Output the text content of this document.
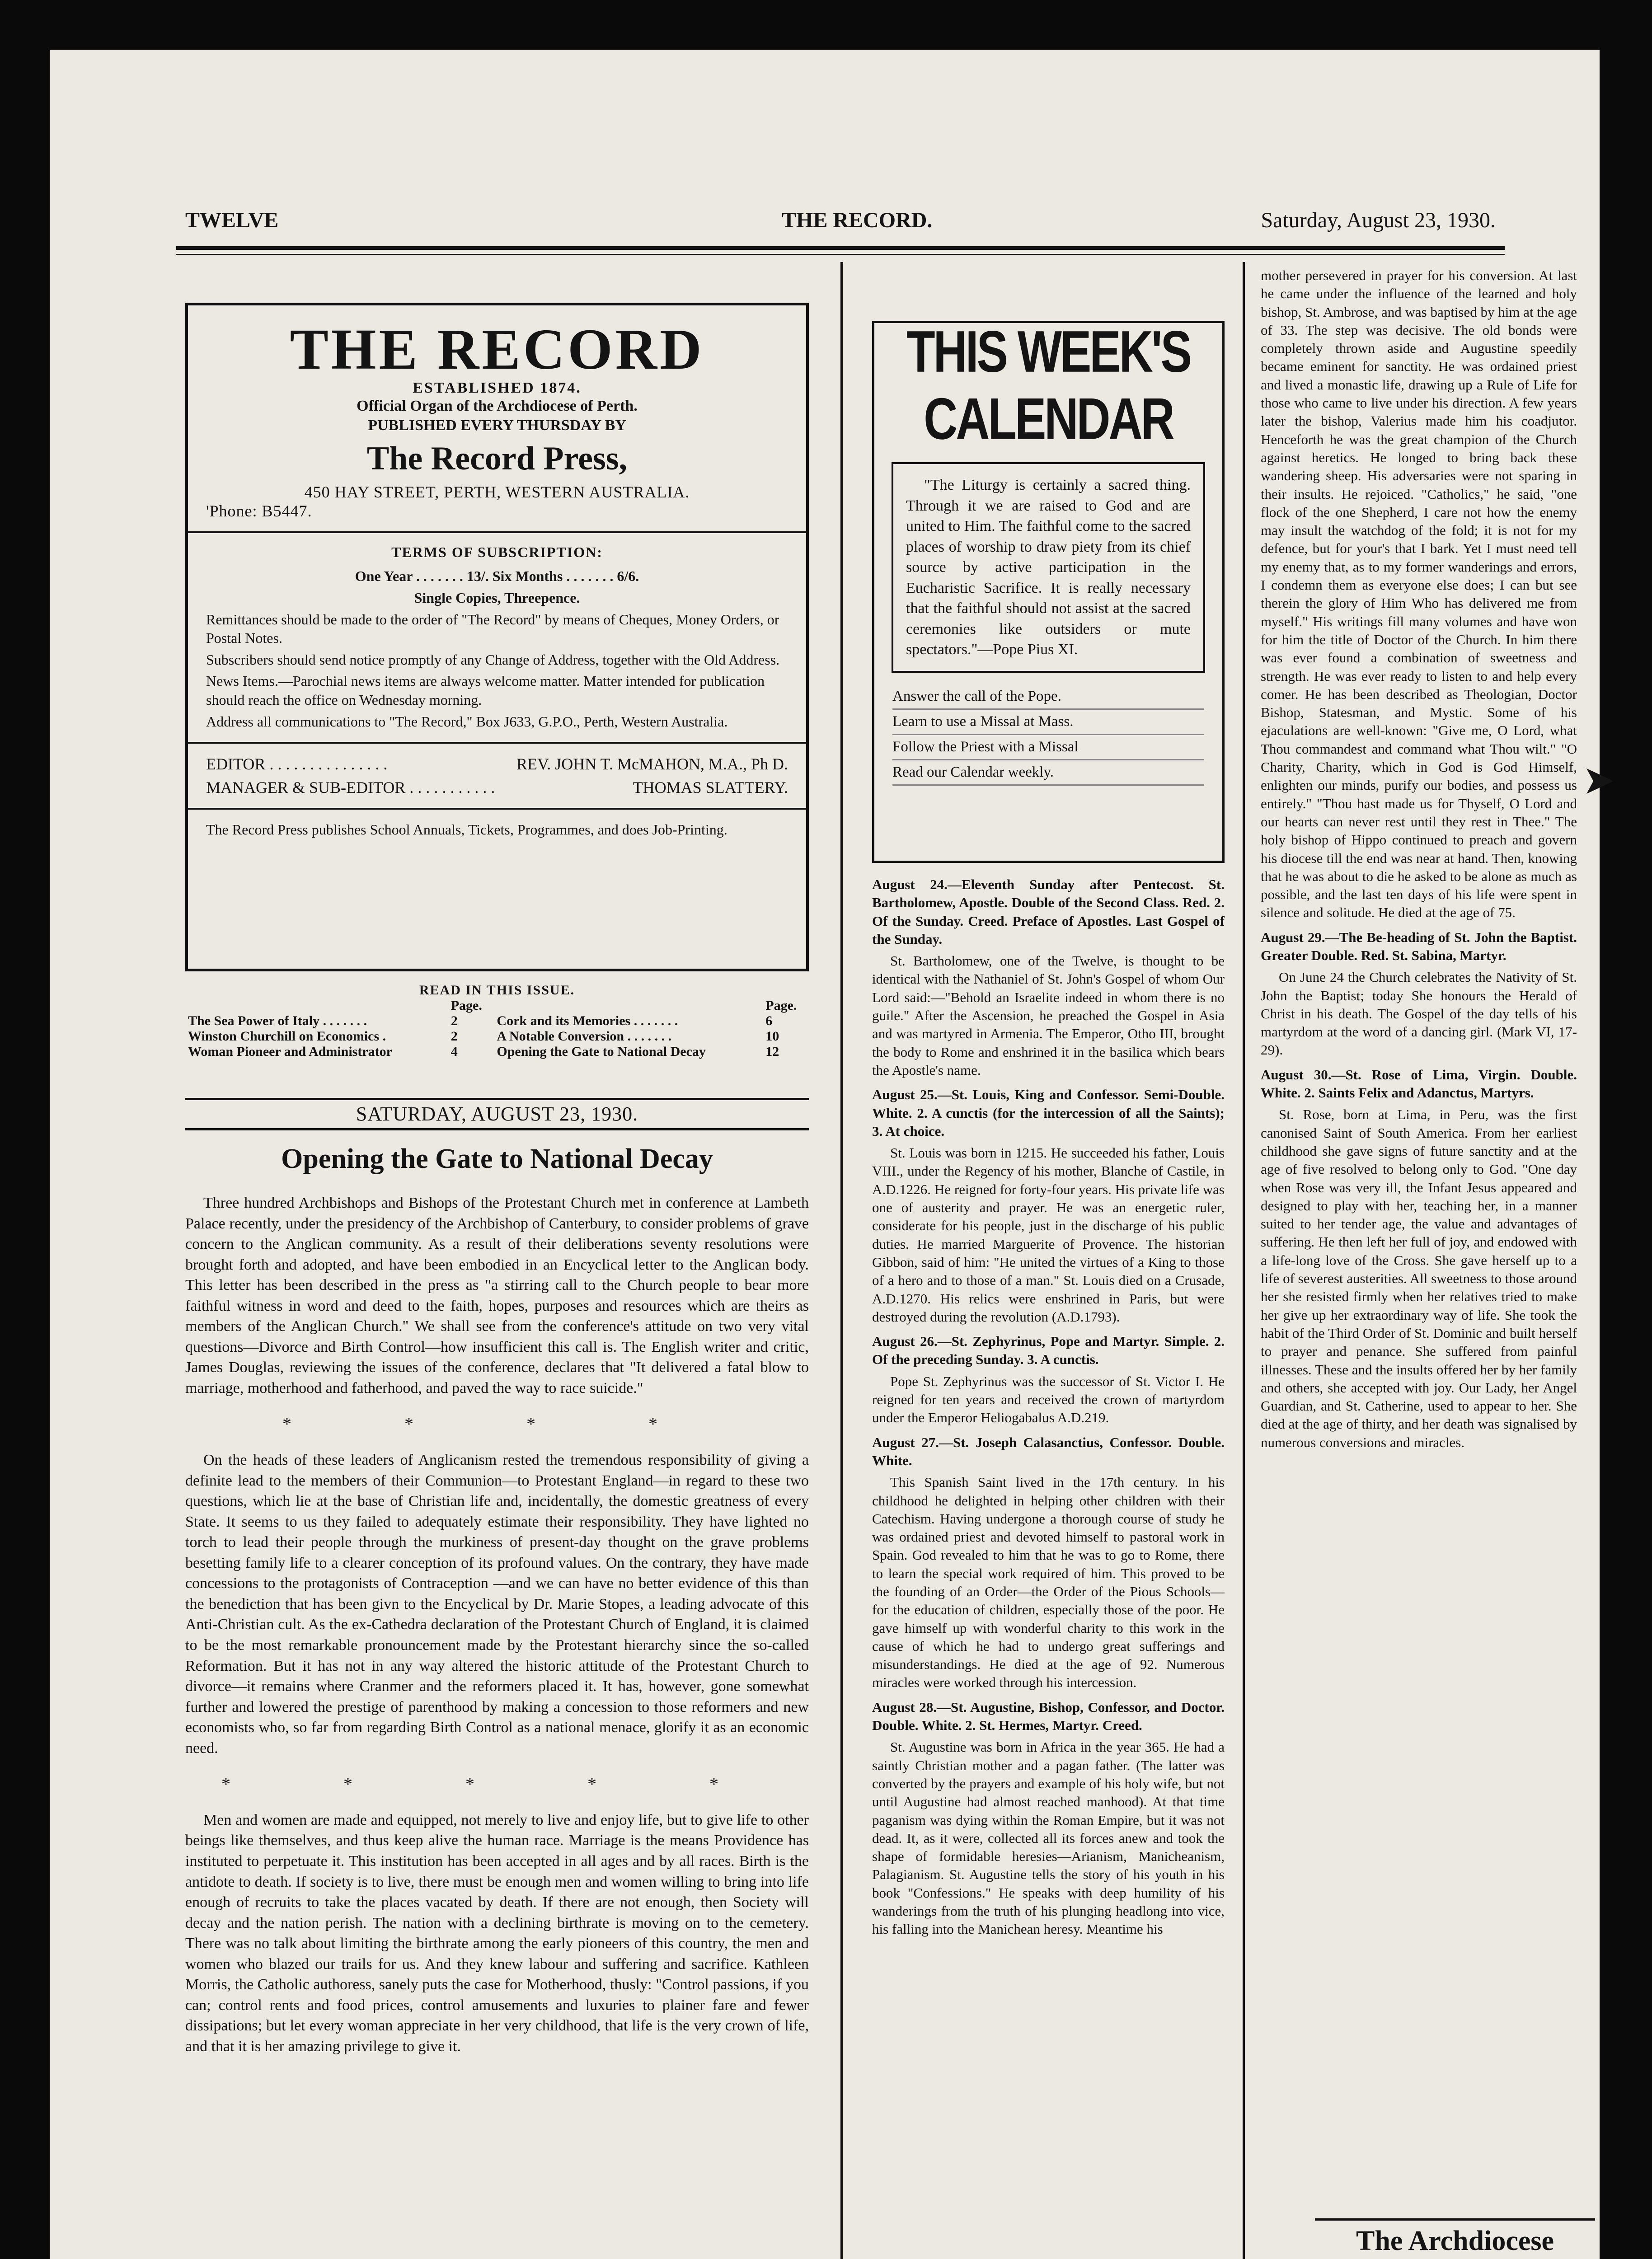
TWELVE	THE RECORD.	Saturday, August 23, 1930.
THE RECORD
ESTABLISHED 1874.
Official Organ of the Archdiocese of Perth.
PUBLISHED EVERY THURSDAY BY
The Record Press,
450 HAY STREET, PERTH, WESTERN AUSTRALIA.
'Phone: B5447.
TERMS OF SUBSCRIPTION:
One Year . . . . . . . 13/. Six Months . . . . . . . 6/6.
Single Copies, Threepence.
Remittances should be made to the order of "The Record" by means of Cheques, Money Orders, or Postal Notes.
Subscribers should send notice promptly of any Change of Address, together with the Old Address.
News Items.—Parochial news items are always welcome matter. Matter intended for publication should reach the office on Wednesday morning.
Address all communications to "The Record," Box J633, G.P.O., Perth, Western Australia.
EDITOR . . . . . . . . . . . . . . .	REV. JOHN T. McMAHON, M.A., Ph D.
MANAGER & SUB-EDITOR . . . . . . . . . . .	THOMAS SLATTERY.
The Record Press publishes School Annuals, Tickets, Programmes, and does Job-Printing.
READ IN THIS ISSUE.
	Page.		Page.
The Sea Power of Italy . . . . . . .	2	Cork and its Memories . . . . . . .	6
Winston Churchill on Economics .	2	A Notable Conversion . . . . . . .	10
Woman Pioneer and Administrator	4	Opening the Gate to National Decay	12
SATURDAY, AUGUST 23, 1930.
Opening the Gate to National Decay

Three hundred Archbishops and Bishops of the Protestant Church met in conference at Lambeth Palace recently, under the presidency of the Archbishop of Canterbury, to consider problems of grave concern to the Anglican community. As a result of their deliberations seventy resolutions were brought forth and adopted, and have been embodied in an Encyclical letter to the Anglican body. This letter has been described in the press as "a stirring call to the Church people to bear more faithful witness in word and deed to the faith, hopes, purposes and resources which are theirs as members of the Anglican Church." We shall see from the conference's attitude on two very vital questions—Divorce and Birth Control—how insufficient this call is. The English writer and critic, James Douglas, reviewing the issues of the conference, declares that "It delivered a fatal blow to marriage, motherhood and fatherhood, and paved the way to race suicide."

* * * *

On the heads of these leaders of Anglicanism rested the tremendous responsibility of giving a definite lead to the members of their Communion—to Protestant England—in regard to these two questions, which lie at the base of Christian life and, incidentally, the domestic greatness of every State. It seems to us they failed to adequately estimate their responsibility. They have lighted no torch to lead their people through the murkiness of present-day thought on the grave problems besetting family life to a clearer conception of its profound values. On the contrary, they have made concessions to the protagonists of Contraception —and we can have no better evidence of this than the benediction that has been givn to the Encyclical by Dr. Marie Stopes, a leading advocate of this Anti-Christian cult. As the ex-Cathedra declaration of the Protestant Church of England, it is claimed to be the most remarkable pronouncement made by the Protestant hierarchy since the so-called Reformation. But it has not in any way altered the historic attitude of the Protestant Church to divorce—it remains where Cranmer and the reformers placed it. It has, however, gone somewhat further and lowered the prestige of parenthood by making a concession to those reformers and new economists who, so far from regarding Birth Control as a national menace, glorify it as an economic need.

* * * * *

Men and women are made and equipped, not merely to live and enjoy life, but to give life to other beings like themselves, and thus keep alive the human race. Marriage is the means Providence has instituted to perpetuate it. This institution has been accepted in all ages and by all races. Birth is the antidote to death. If society is to live, there must be enough men and women willing to bring into life enough of recruits to take the places vacated by death. If there are not enough, then Society will decay and the nation perish. The nation with a declining birthrate is moving on to the cemetery. There was no talk about limiting the birthrate among the early pioneers of this country, the men and women who blazed our trails for us. And they knew labour and suffering and sacrifice. Kathleen Morris, the Catholic authoress, sanely puts the case for Motherhood, thusly: "Control passions, if you can; control rents and food prices, control amusements and luxuries to plainer fare and fewer dissipations; but let every woman appreciate in her very childhood, that life is the very crown of life, and that it is her amazing privilege to give it.

THIS WEEK'S CALENDAR

"The Liturgy is certainly a sacred thing. Through it we are raised to God and are united to Him. The faithful come to the sacred places of worship to draw piety from its chief source by active participation in the Eucharistic Sacrifice. It is really necessary that the faithful should not assist at the sacred ceremonies like outsiders or mute spectators."—Pope Pius XI.

Answer the call of the Pope.
Learn to use a Missal at Mass.
Follow the Priest with a Missal
Read our Calendar weekly.
August 24.—Eleventh Sunday after Pentecost. St. Bartholomew, Apostle. Double of the Second Class. Red. 2. Of the Sunday. Creed. Preface of Apostles. Last Gospel of the Sunday.

St. Bartholomew, one of the Twelve, is thought to be identical with the Nathaniel of St. John's Gospel of whom Our Lord said:—"Behold an Israelite indeed in whom there is no guile." After the Ascension, he preached the Gospel in Asia and was martyred in Armenia. The Emperor, Otho III, brought the body to Rome and enshrined it in the basilica which bears the Apostle's name.

August 25.—St. Louis, King and Confessor. Semi-Double. White. 2. A cunctis (for the intercession of all the Saints); 3. At choice.

St. Louis was born in 1215. He succeeded his father, Louis VIII., under the Regency of his mother, Blanche of Castile, in A.D.1226. He reigned for forty-four years. His private life was one of austerity and prayer. He was an energetic ruler, considerate for his people, just in the discharge of his public duties. He married Marguerite of Provence. The historian Gibbon, said of him: "He united the virtues of a King to those of a hero and to those of a man." St. Louis died on a Crusade, A.D.1270. His relics were enshrined in Paris, but were destroyed during the revolution (A.D.1793).

August 26.—St. Zephyrinus, Pope and Martyr. Simple. 2. Of the preceding Sunday. 3. A cunctis.

Pope St. Zephyrinus was the successor of St. Victor I. He reigned for ten years and received the crown of martyrdom under the Emperor Heliogabalus A.D.219.

August 27.—St. Joseph Calasanctius, Confessor. Double. White.

This Spanish Saint lived in the 17th century. In his childhood he delighted in helping other children with their Catechism. Having undergone a thorough course of study he was ordained priest and devoted himself to pastoral work in Spain. God revealed to him that he was to go to Rome, there to learn the special work required of him. This proved to be the founding of an Order—the Order of the Pious Schools—for the education of children, especially those of the poor. He gave himself up with wonderful charity to this work in the cause of which he had to undergo great sufferings and misunderstandings. He died at the age of 92. Numerous miracles were worked through his intercession.

August 28.—St. Augustine, Bishop, Confessor, and Doctor. Double. White. 2. St. Hermes, Martyr. Creed.

St. Augustine was born in Africa in the year 365. He had a saintly Christian mother and a pagan father. (The latter was converted by the prayers and example of his holy wife, but not until Augustine had almost reached manhood). At that time paganism was dying within the Roman Empire, but it was not dead. It, as it were, collected all its forces anew and took the shape of formidable heresies—Arianism, Manicheanism, Palagianism. St. Augustine tells the story of his youth in his book "Confessions." He speaks with deep humility of his wanderings from the truth of his plunging headlong into vice, his falling into the Manichean heresy. Meantime his

mother persevered in prayer for his conversion. At last he came under the influence of the learned and holy bishop, St. Ambrose, and was baptised by him at the age of 33. The step was decisive. The old bonds were completely thrown aside and Augustine speedily became eminent for sanctity. He was ordained priest and lived a monastic life, drawing up a Rule of Life for those who came to live under his direction. A few years later the bishop, Valerius made him his coadjutor. Henceforth he was the great champion of the Church against heretics. He longed to bring back these wandering sheep. His adversaries were not sparing in their insults. He rejoiced. "Catholics," he said, "one flock of the one Shepherd, I care not how the enemy may insult the watchdog of the fold; it is not for my defence, but for your's that I bark. Yet I must need tell my enemy that, as to my former wanderings and errors, I condemn them as everyone else does; I can but see therein the glory of Him Who has delivered me from myself." His writings fill many volumes and have won for him the title of Doctor of the Church. In him there was ever found a combination of sweetness and strength. He was ever ready to listen to and help every comer. He has been described as Theologian, Doctor Bishop, Statesman, and Mystic. Some of his ejaculations are well-known: "Give me, O Lord, what Thou commandest and command what Thou wilt." "O Charity, Charity, which in God is God Himself, enlighten our minds, purify our bodies, and possess us entirely." "Thou hast made us for Thyself, O Lord and our hearts can never rest until they rest in Thee." The holy bishop of Hippo continued to preach and govern his diocese till the end was near at hand. Then, knowing that he was about to die he asked to be alone as much as possible, and the last ten days of his life were spent in silence and solitude. He died at the age of 75.

August 29.—The Be-heading of St. John the Baptist. Greater Double. Red. St. Sabina, Martyr.

On June 24 the Church celebrates the Nativity of St. John the Baptist; today She honours the Herald of Christ in his death. The Gospel of the day tells of his martyrdom at the word of a dancing girl. (Mark VI, 17-29).

August 30.—St. Rose of Lima, Virgin. Double. White. 2. Saints Felix and Adanctus, Martyrs.

St. Rose, born at Lima, in Peru, was the first canonised Saint of South America. From her earliest childhood she gave signs of future sanctity and at the age of five resolved to belong only to God. "One day when Rose was very ill, the Infant Jesus appeared and designed to play with her, teaching her, in a manner suited to her tender age, the value and advantages of suffering. He then left her full of joy, and endowed with a life-long love of the Cross. She gave herself up to a life of severest austerities. All sweetness to those around her she resisted firmly when her relatives tried to make her give up her extraordinary way of life. She took the habit of the Third Order of St. Dominic and built herself to prayer and penance. She suffered from painful illnesses. These and the insults offered her by her family and others, she accepted with joy. Our Lady, her Angel Guardian, and St. Catherine, used to appear to her. She died at the age of thirty, and her death was signalised by numerous conversions and miracles.

The Archdiocese
➤
